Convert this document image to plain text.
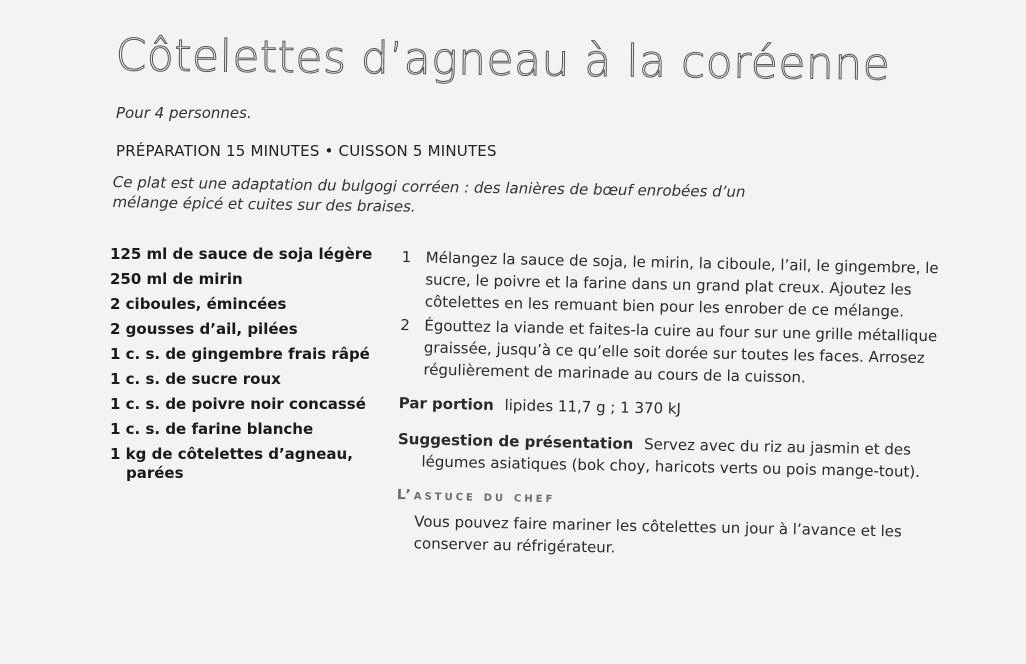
Côtelettes d’agneau à la coréenne
Pour 4 personnes.
PRÉPARATION 15 MINUTES • CUISSON 5 MINUTES
Ce plat est une adaptation du bulgogi corréen : des lanières de bœuf enrobées d’un mélange épicé et cuites sur des braises.
125 ml de sauce de soja légère
250 ml de mirin
2 ciboules, émincées
2 gousses d’ail, pilées
1 c. s. de gingembre frais râpé
1 c. s. de sucre roux
1 c. s. de poivre noir concassé
1 c. s. de farine blanche
1 kg de côtelettes d’agneau,
parées
1 Mélangez la sauce de soja, le mirin, la ciboule, l’ail, le gingembre, le sucre, le poivre et la farine dans un grand plat creux. Ajoutez les côtelettes en les remuant bien pour les enrober de ce mélange.
2 Égouttez la viande et faites-la cuire au four sur une grille métallique graissée, jusqu’à ce qu’elle soit dorée sur toutes les faces. Arrosez régulièrement de marinade au cours de la cuisson.
Par portion lipides 11,7 g ; 1 370 kJ
Suggestion de présentation Servez avec du riz au jasmin et des légumes asiatiques (bok choy, haricots verts ou pois mange-tout).
L’astuce du chef
Vous pouvez faire mariner les côtelettes un jour à l’avance et les conserver au réfrigérateur.
